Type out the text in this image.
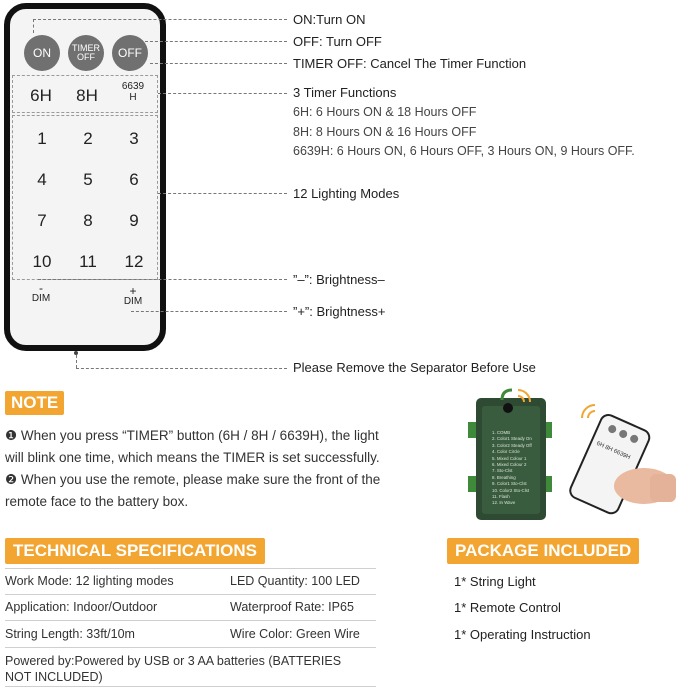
ON TIMER
OFF OFF
6H	8H	6639
H
1	2	3
4	5	6
7	8	9
10	11	12
-
DIM
+
DIM
ON:Turn ON
OFF: Turn OFF
TIMER OFF: Cancel The Timer Function
3 Timer Functions
6H: 6 Hours ON & 18 Hours OFF
8H: 8 Hours ON & 16 Hours OFF
6639H: 6 Hours ON, 6 Hours OFF, 3 Hours ON, 9 Hours OFF.
12 Lighting Modes
”–”: Brightness–
”+”: Brightness+
Please Remove the Separator Before Use
NOTE
❶ When you press “TIMER” button (6H / 8H / 6639H), the light
will blink one time, which means the TIMER is set successfully.
❷ When you use the remote, please make sure the front of the
remote face to the battery box.
1. COMB
2. Color1 Steady On
3. Color2 Steady Off
4. Color Circle
5. Mixed Colour 1
6. Mixed Colour 2
7. Sto-Clst
8. Breathing
9. Color1 Sto-Clst
10. Color2 Sto-Clst
11. Flash
12. In Wave
6H 8H 6639H
TECHNICAL SPECIFICATIONS	PACKAGE INCLUDED
Work Mode: 12 lighting modes	LED Quantity: 100 LED
Application: Indoor/Outdoor	Waterproof Rate: IP65
String Length: 33ft/10m	Wire Color: Green Wire
Powered by:Powered by USB or 3 AA batteries (BATTERIES
NOT INCLUDED)
1* String Light
1* Remote Control
1* Operating Instruction
